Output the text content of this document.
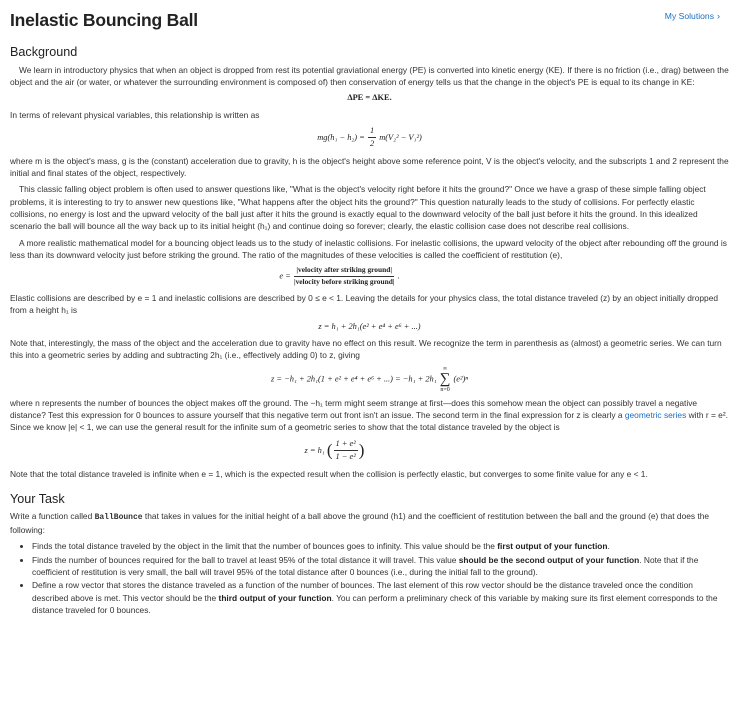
Inelastic Bouncing Ball	My Solutions ›
Background

We learn in introductory physics that when an object is dropped from rest its potential graviational energy (PE) is converted into kinetic energy (KE). If there is no friction (i.e., drag) between the object and the air (or water, or whatever the surrounding environment is composed of) then conservation of energy tells us that the change in the object's PE is equal to its change in KE:

ΔPE = ΔKE.

In terms of relevant physical variables, this relationship is written as

$mg(h_1 - h_2) = \frac{1}{2} m(V_2^2 - V_1^2)$

where m is the object's mass, g is the (constant) acceleration due to gravity, h is the object's height above some reference point, V is the object's velocity, and the subscripts 1 and 2 represent the initial and final states of the object, respectively.

This classic falling object problem is often used to answer questions like, "What is the object's velocity right before it hits the ground?" Once we have a grasp of these simple falling object problems, it is interesting to try to answer new questions like, "What happens after the object hits the ground?" This question naturally leads to the study of collisions. For perfectly elastic collisions, no energy is lost and the upward velocity of the ball just after it hits the ground is exactly equal to the downward velocity of the ball just before it hits the ground. In this idealized scenario the ball will bounce all the way back up to its initial height (h₁) and continue doing so forever; clearly, the elastic collision case does not describe real collisions.

A more realistic mathematical model for a bouncing object leads us to the study of inelastic collisions. For inelastic collisions, the upward velocity of the object after rebounding off the ground is less than its downward velocity just before striking the ground. The ratio of the magnitudes of these velocities is called the coefficient of restitution (e),

$e = \frac{\text{|velocity after striking ground|}}{\text{|velocity before striking ground|}}$ .

Elastic collisions are described by e = 1 and inelastic collisions are described by 0 ≤ e < 1. Leaving the details for your physics class, the total distance traveled (z) by an object initially dropped from a height h₁ is

z = h₁ + 2h₁(e² + e⁴ + e⁶ + ...)

Note that, interestingly, the mass of the object and the acceleration due to gravity have no effect on this result. We recognize the term in parenthesis as (almost) a geometric series. We can turn this into a geometric series by adding and subtracting 2h₁ (i.e., effectively adding 0) to z, giving

z = −h₁ + 2h₁(1 + e² + e⁴ + e⁶ + ...) = −h₁ + 2h₁
∞
∑
n=0
(e²)ⁿ

where n represents the number of bounces the object makes off the ground. The −h₁ term might seem strange at first—does this somehow mean the object can possibly travel a negative distance? Test this expression for 0 bounces to assure yourself that this negative term out front isn't an issue. The second term in the final expression for z is clearly a geometric series with r = e². Since we know |e| < 1, we can use the general result for the infinite sum of a geometric series to show that the total distance traveled by the object is

z = h₁ ( $\frac{\text{1 + e²}}{\text{1 − e²}}$ )

Note that the total distance traveled is infinite when e = 1, which is the expected result when the collision is perfectly elastic, but converges to some finite value for any e < 1.

Your Task

Write a function called BallBounce that takes in values for the initial height of a ball above the ground (h1) and the coefficient of restitution between the ball and the ground (e) that does the following:

• Finds the total distance traveled by the object in the limit that the number of bounces goes to infinity. This value should be the first output of your function.
• Finds the number of bounces required for the ball to travel at least 95% of the total distance it will travel. This value should be the second output of your function. Note that if the coefficient of restitution is very small, the ball will travel 95% of the total distance after 0 bounces (i.e., during the initial fall to the ground).
• Define a row vector that stores the distance traveled as a function of the number of bounces. The last element of this row vector should be the distance traveled once the condition described above is met. This vector should be the third output of your function. You can perform a preliminary check of this variable by making sure its first element corresponds to the distance traveled for 0 bounces.
